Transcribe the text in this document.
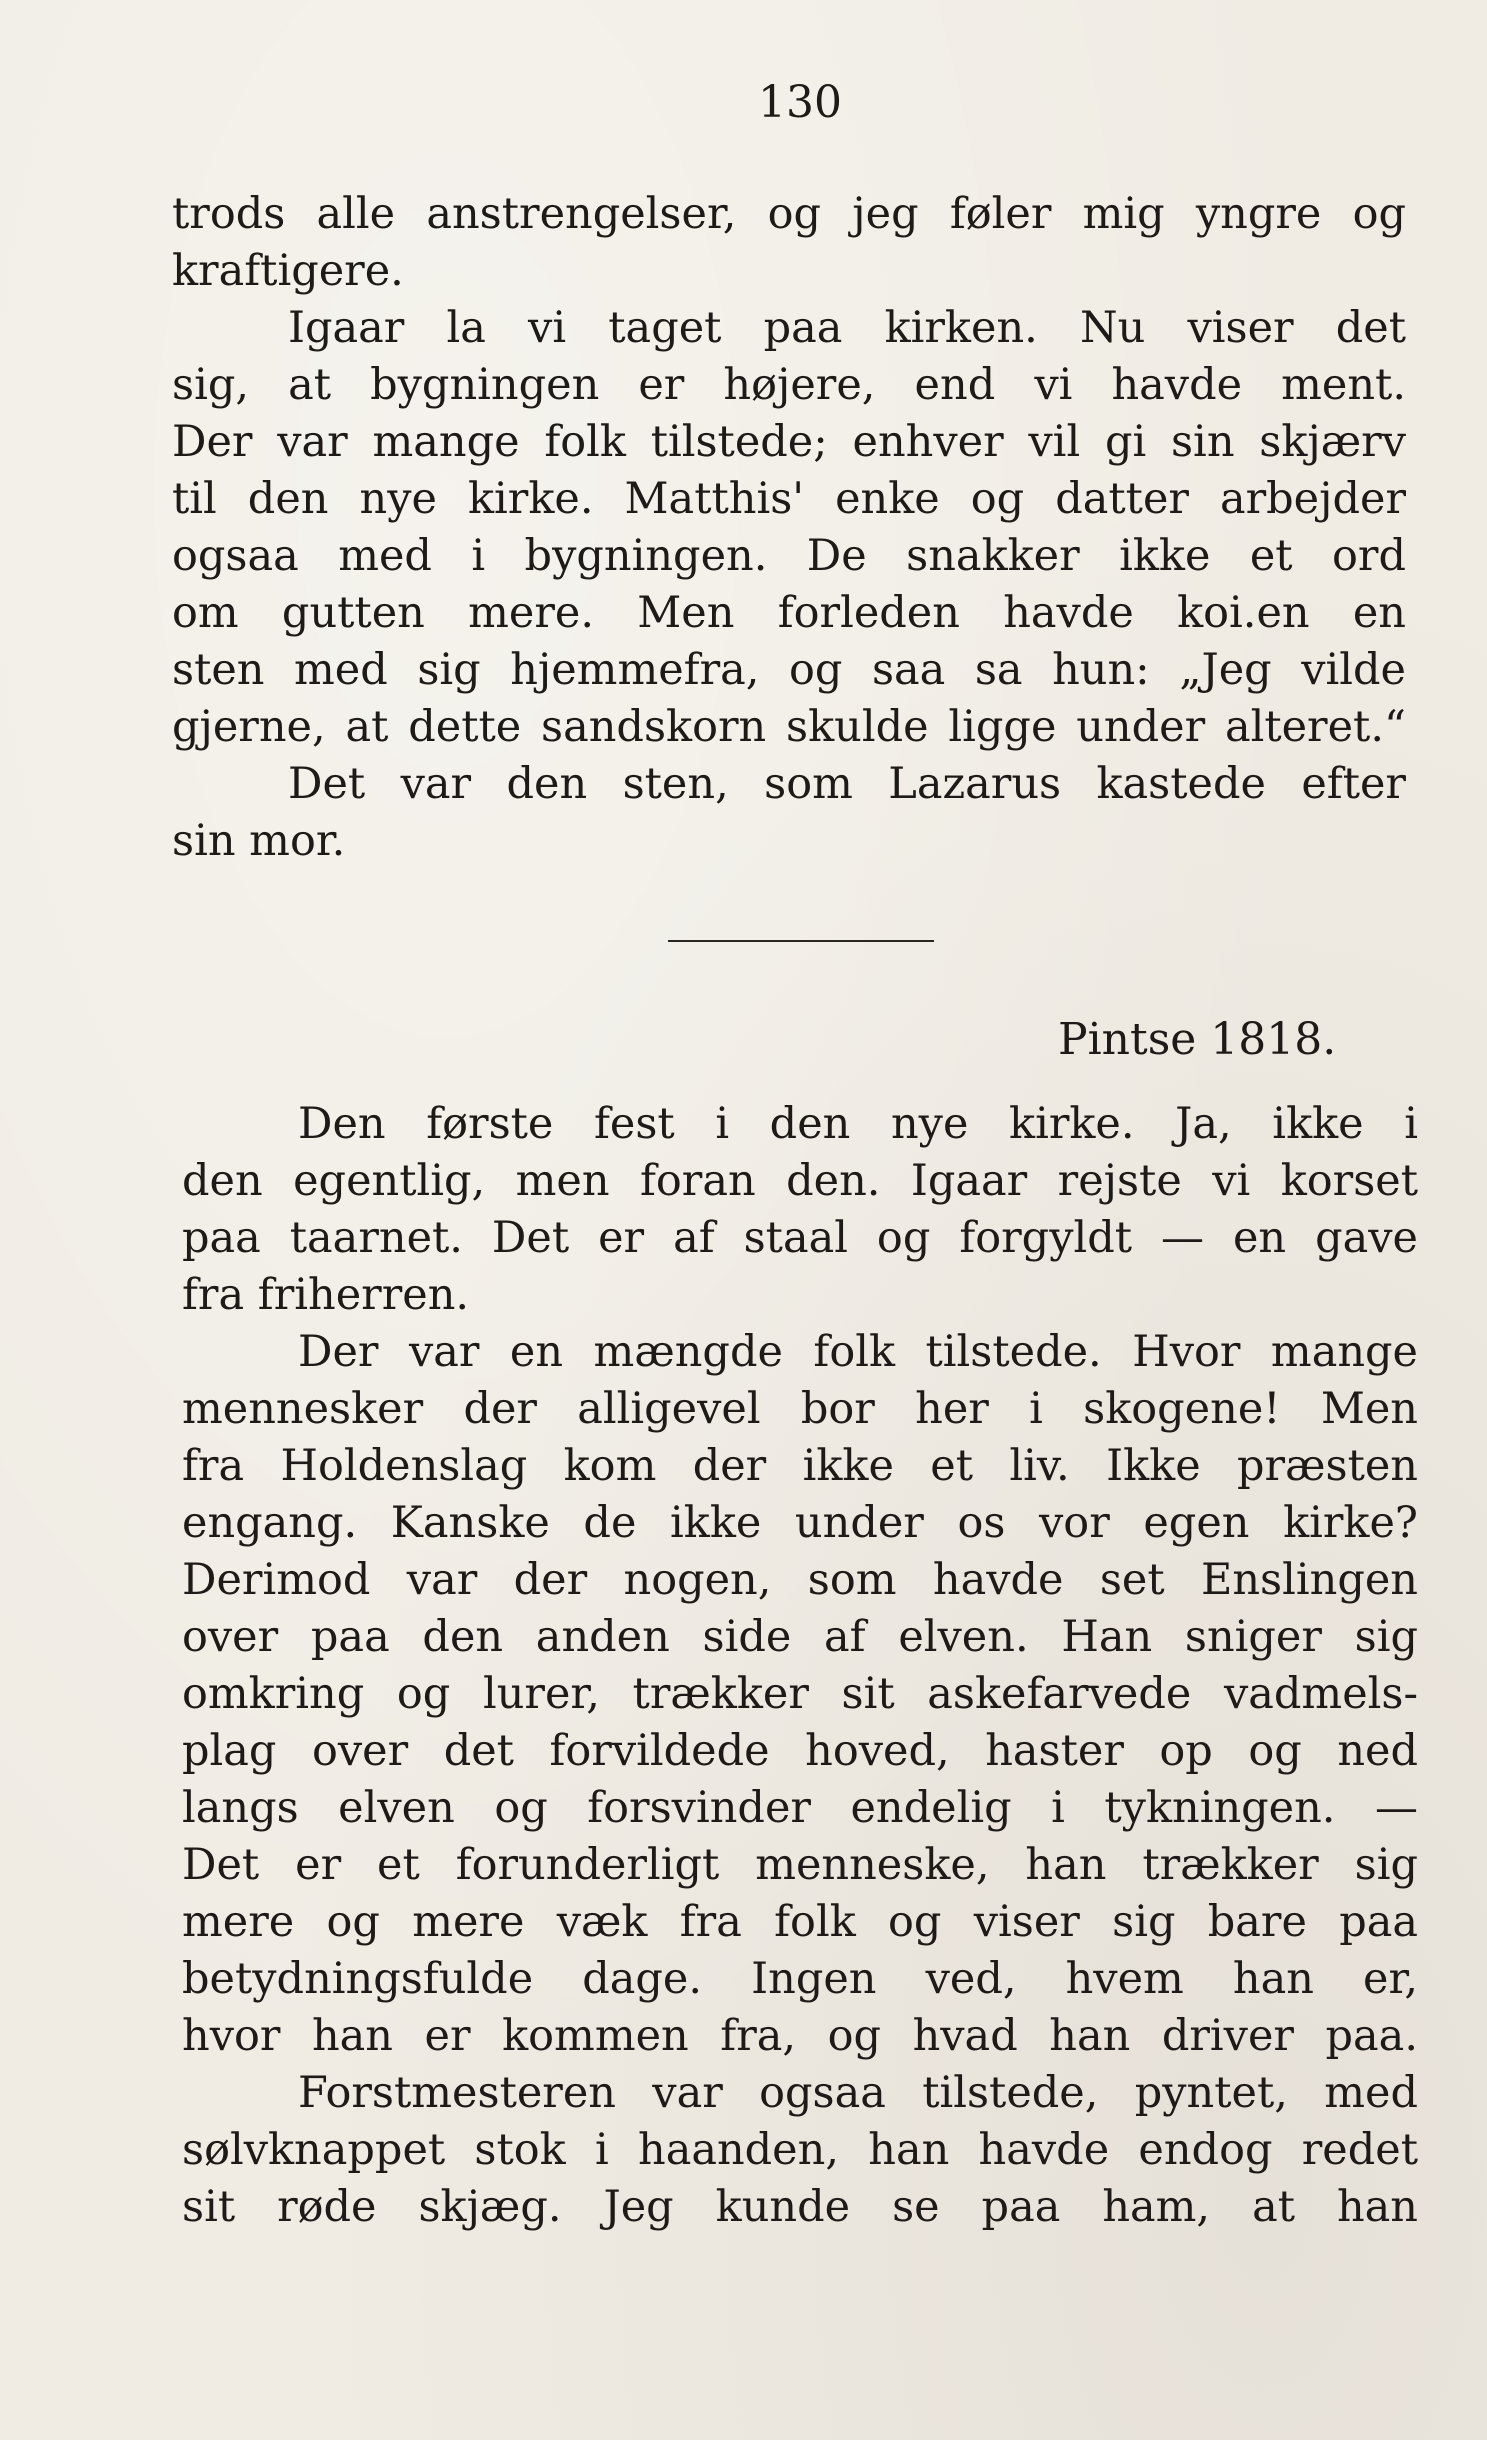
130
trods alle anstrengelser, og jeg føler mig yngre og
kraftigere.
Igaar la vi taget paa kirken. Nu viser det
sig, at bygningen er højere, end vi havde ment.
Der var mange folk tilstede; enhver vil gi sin skjærv
til den nye kirke. Matthis' enke og datter arbejder
ogsaa med i bygningen. De snakker ikke et ord
om gutten mere. Men forleden havde koi.en en
sten med sig hjemmefra, og saa sa hun: „Jeg vilde
gjerne, at dette sandskorn skulde ligge under alteret.“
Det var den sten, som Lazarus kastede efter
sin mor.
Pintse 1818.
Den første fest i den nye kirke. Ja, ikke i
den egentlig, men foran den. Igaar rejste vi korset
paa taarnet. Det er af staal og forgyldt — en gave
fra friherren.
Der var en mængde folk tilstede. Hvor mange
mennesker der alligevel bor her i skogene! Men
fra Holdenslag kom der ikke et liv. Ikke præsten
engang. Kanske de ikke under os vor egen kirke?
Derimod var der nogen, som havde set Enslingen
over paa den anden side af elven. Han sniger sig
omkring og lurer, trækker sit askefarvede vadmels-
plag over det forvildede hoved, haster op og ned
langs elven og forsvinder endelig i tykningen. —
Det er et forunderligt menneske, han trækker sig
mere og mere væk fra folk og viser sig bare paa
betydningsfulde dage. Ingen ved, hvem han er,
hvor han er kommen fra, og hvad han driver paa.
Forstmesteren var ogsaa tilstede, pyntet, med
sølvknappet stok i haanden, han havde endog redet
sit røde skjæg. Jeg kunde se paa ham, at han
